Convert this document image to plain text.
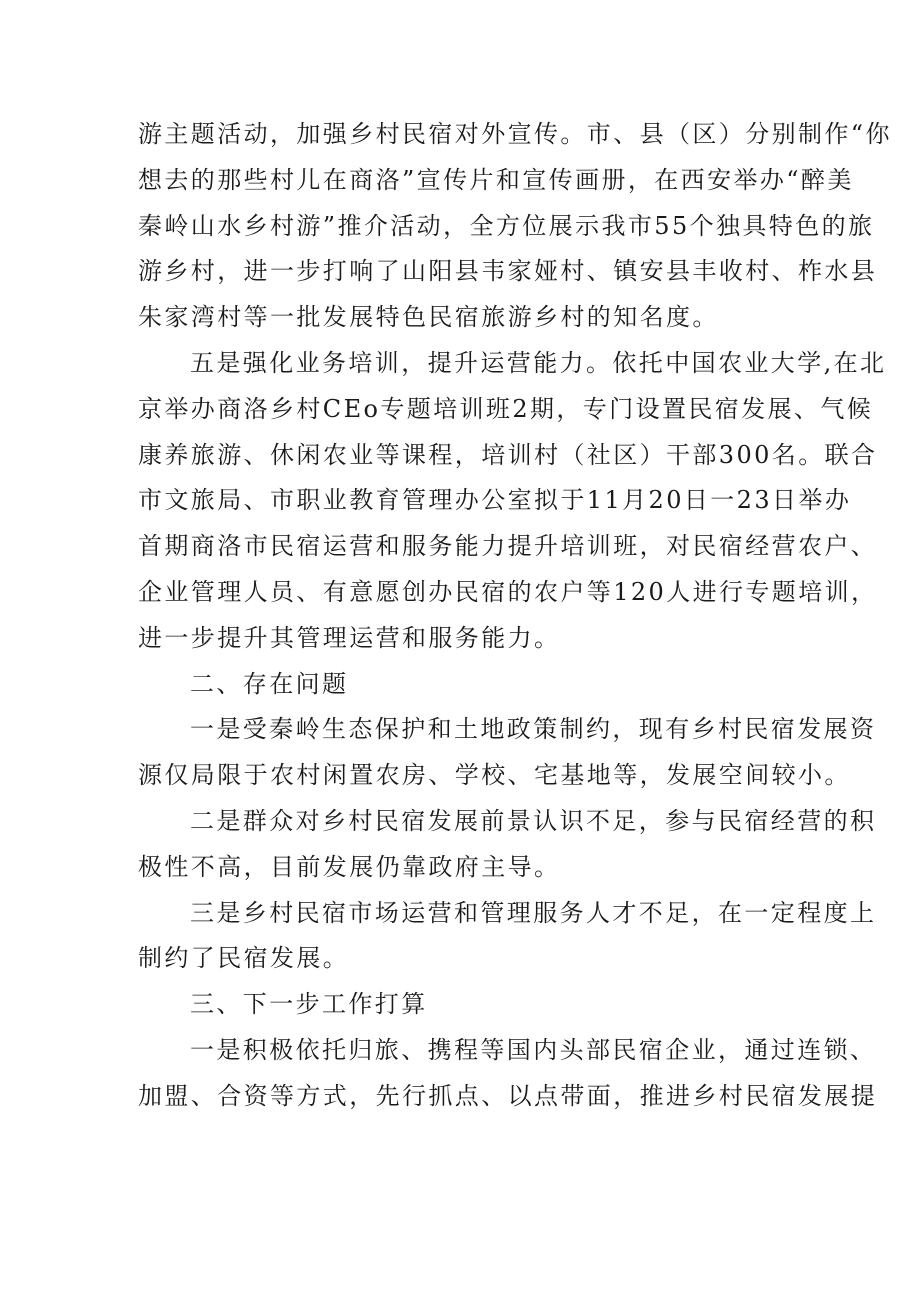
游主题活动，加强乡村民宿对外宣传。市、县（区）分别制作“你
想去的那些村儿在商洛”宣传片和宣传画册，在西安举办“醉美
秦岭山水乡村游”推介活动，全方位展示我市55个独具特色的旅
游乡村，进一步打响了山阳县韦家娅村、镇安县丰收村、柞水县
朱家湾村等一批发展特色民宿旅游乡村的知名度。

五是强化业务培训，提升运营能力。依托中国农业大学,在北
京举办商洛乡村CEo专题培训班2期，专门设置民宿发展、气候
康养旅游、休闲农业等课程，培训村（社区）干部300名。联合
市文旅局、市职业教育管理办公室拟于11月20日一23日举办
首期商洛市民宿运营和服务能力提升培训班，对民宿经营农户、
企业管理人员、有意愿创办民宿的农户等120人进行专题培训，
进一步提升其管理运营和服务能力。

二、存在问题

一是受秦岭生态保护和土地政策制约，现有乡村民宿发展资
源仅局限于农村闲置农房、学校、宅基地等，发展空间较小。

二是群众对乡村民宿发展前景认识不足，参与民宿经营的积
极性不高，目前发展仍靠政府主导。

三是乡村民宿市场运营和管理服务人才不足，在一定程度上
制约了民宿发展。

三、下一步工作打算

一是积极依托归旅、携程等国内头部民宿企业，通过连锁、
加盟、合资等方式，先行抓点、以点带面，推进乡村民宿发展提
